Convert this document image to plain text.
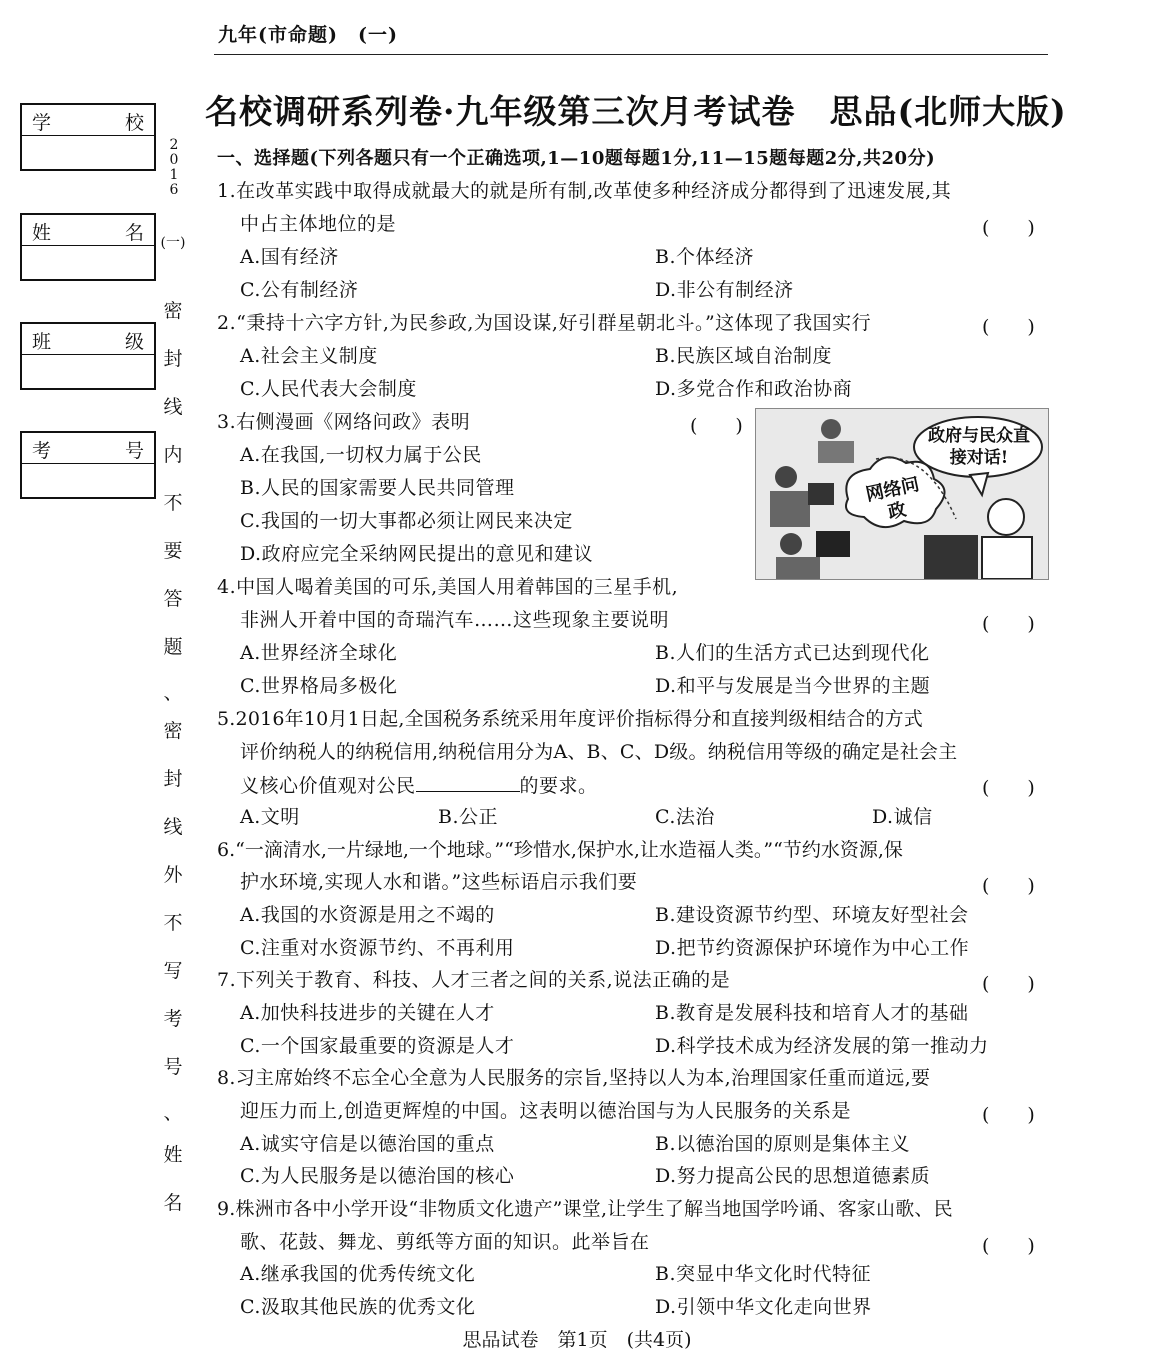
九年(市命题)　(一)
名校调研系列卷·九年级第三次月考试卷　思品(北师大版)
学	校
姓	名
班	级
考	号
2
0
1
6
(一)
密
封
线
内
不
要
答
题
、
密
封
线
外
不
写
考
号
、
姓
名
一、选择题(下列各题只有一个正确选项,1—10题每题1分,11—15题每题2分,共20分)
1.在改革实践中取得成就最大的就是所有制,改革使多种经济成分都得到了迅速发展,其
中占主体地位的是	(　　)
A.国有经济	B.个体经济
C.公有制经济	D.非公有制经济
2.“秉持十六字方针,为民参政,为国设谋,好引群星朝北斗。”这体现了我国实行	(　　)
A.社会主义制度	B.民族区域自治制度
C.人民代表大会制度	D.多党合作和政治协商
3.右侧漫画《网络问政》表明	(　　)
A.在我国,一切权力属于公民
B.人民的国家需要人民共同管理
C.我国的一切大事都必须让网民来决定
D.政府应完全采纳网民提出的意见和建议
政府与民众直接对话!
网络问政
4.中国人喝着美国的可乐,美国人用着韩国的三星手机,
非洲人开着中国的奇瑞汽车……这些现象主要说明	(　　)
A.世界经济全球化	B.人们的生活方式已达到现代化
C.世界格局多极化	D.和平与发展是当今世界的主题
5.2016年10月1日起,全国税务系统采用年度评价指标得分和直接判级相结合的方式
评价纳税人的纳税信用,纳税信用分为A、B、C、D级。纳税信用等级的确定是社会主
义核心价值观对公民	的要求。	(　　)
A.文明	B.公正	C.法治	D.诚信
6.“一滴清水,一片绿地,一个地球。”“珍惜水,保护水,让水造福人类。”“节约水资源,保
护水环境,实现人水和谐。”这些标语启示我们要	(　　)
A.我国的水资源是用之不竭的	B.建设资源节约型、环境友好型社会
C.注重对水资源节约、不再利用	D.把节约资源保护环境作为中心工作
7.下列关于教育、科技、人才三者之间的关系,说法正确的是	(　　)
A.加快科技进步的关键在人才	B.教育是发展科技和培育人才的基础
C.一个国家最重要的资源是人才	D.科学技术成为经济发展的第一推动力
8.习主席始终不忘全心全意为人民服务的宗旨,坚持以人为本,治理国家任重而道远,要
迎压力而上,创造更辉煌的中国。这表明以德治国与为人民服务的关系是	(　　)
A.诚实守信是以德治国的重点	B.以德治国的原则是集体主义
C.为人民服务是以德治国的核心	D.努力提高公民的思想道德素质
9.株洲市各中小学开设“非物质文化遗产”课堂,让学生了解当地国学吟诵、客家山歌、民
歌、花鼓、舞龙、剪纸等方面的知识。此举旨在	(　　)
A.继承我国的优秀传统文化	B.突显中华文化时代特征
C.汲取其他民族的优秀文化	D.引领中华文化走向世界
思品试卷　第1页　(共4页)
